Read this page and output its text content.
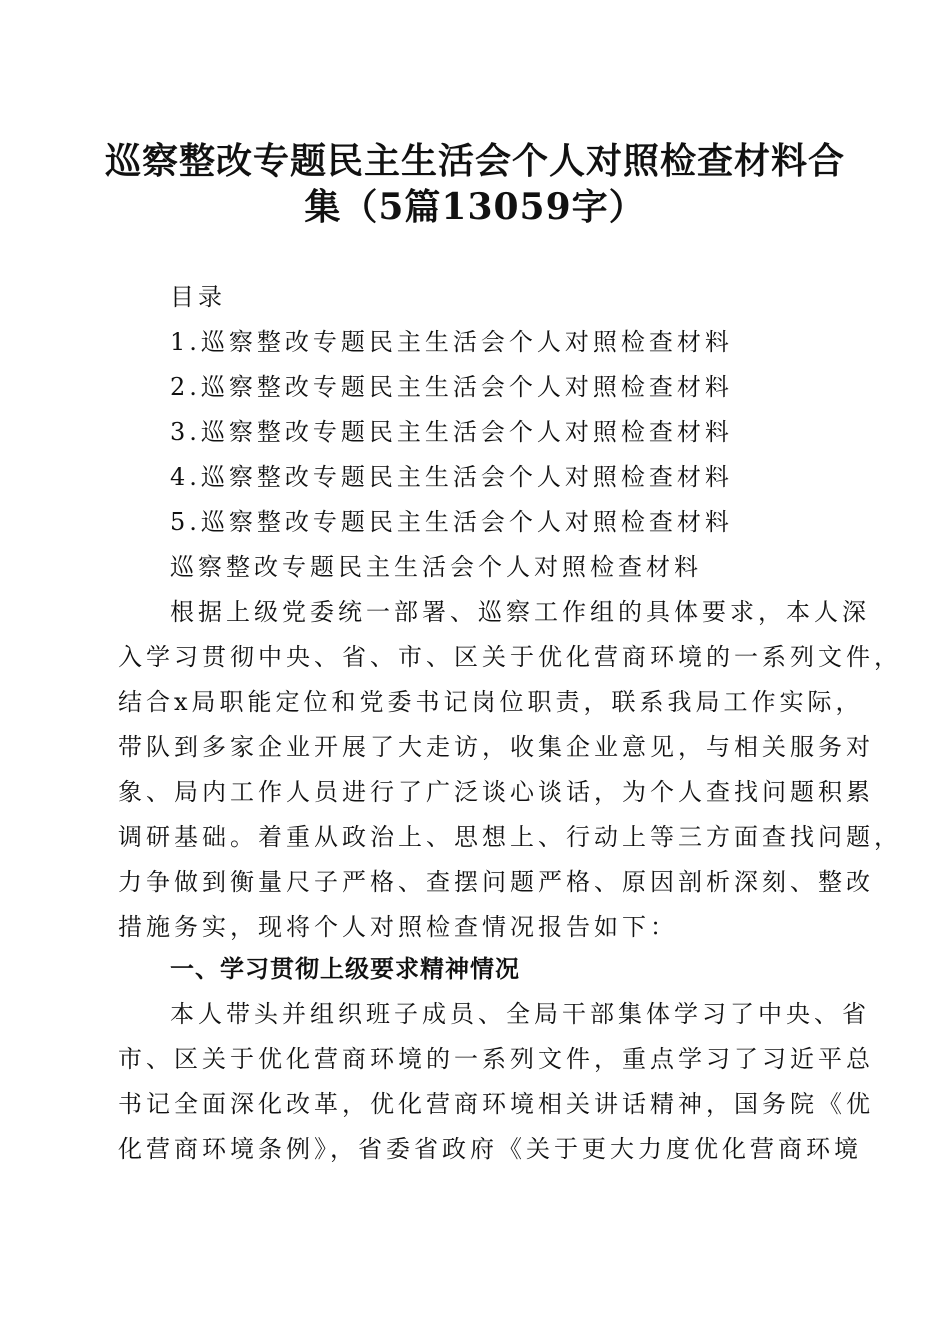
巡察整改专题民主生活会个人对照检查材料合
集（5篇13059字）
目录
1.巡察整改专题民主生活会个人对照检查材料
2.巡察整改专题民主生活会个人对照检查材料
3.巡察整改专题民主生活会个人对照检查材料
4.巡察整改专题民主生活会个人对照检查材料
5.巡察整改专题民主生活会个人对照检查材料
巡察整改专题民主生活会个人对照检查材料
根据上级党委统一部署、巡察工作组的具体要求，本人深
入学习贯彻中央、省、市、区关于优化营商环境的一系列文件，
结合x局职能定位和党委书记岗位职责，联系我局工作实际，
带队到多家企业开展了大走访，收集企业意见，与相关服务对
象、局内工作人员进行了广泛谈心谈话，为个人查找问题积累
调研基础。着重从政治上、思想上、行动上等三方面查找问题，
力争做到衡量尺子严格、查摆问题严格、原因剖析深刻、整改
措施务实，现将个人对照检查情况报告如下：
一、学习贯彻上级要求精神情况
本人带头并组织班子成员、全局干部集体学习了中央、省
市、区关于优化营商环境的一系列文件，重点学习了习近平总
书记全面深化改革，优化营商环境相关讲话精神，国务院《优
化营商环境条例》，省委省政府《关于更大力度优化营商环境
